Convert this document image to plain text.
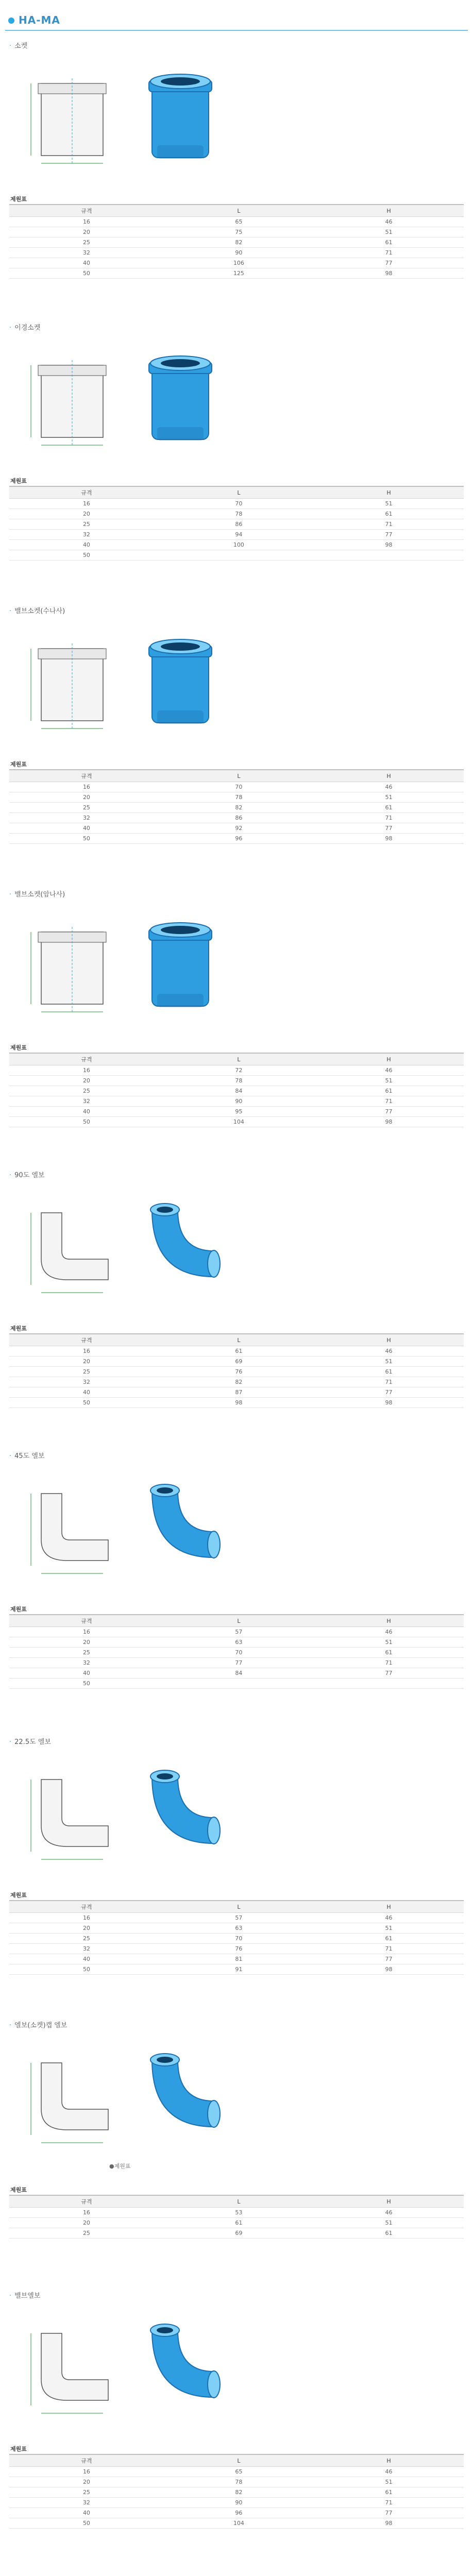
HA-MA
· 소켓
제원표
규격	L	H
16	65	46
20	75	51
25	82	61
32	90	71
40	106	77
50	125	98
· 이경소켓
제원표
규격	L	H
16	70	51
20	78	61
25	86	71
32	94	77
40	100	98
50		
· 밸브소켓(수나사)
제원표
규격	L	H
16	70	46
20	78	51
25	82	61
32	86	71
40	92	77
50	96	98
· 밸브소켓(암나사)
제원표
규격	L	H
16	72	46
20	78	51
25	84	61
32	90	71
40	95	77
50	104	98
· 90도 엘보
제원표
규격	L	H
16	61	46
20	69	51
25	76	61
32	82	71
40	87	77
50	98	98
· 45도 엘보
제원표
규격	L	H
16	57	46
20	63	51
25	70	61
32	77	71
40	84	77
50		
· 22.5도 엘보
제원표
규격	L	H
16	57	46
20	63	51
25	70	61
32	76	71
40	81	77
50	91	98
· 엘보(소켓)캡 엘보
●제원표
제원표
규격	L	H
16	53	46
20	61	51
25	69	61
· 밸브엘보
제원표
규격	L	H
16	65	46
20	78	51
25	82	61
32	90	71
40	96	77
50	104	98
